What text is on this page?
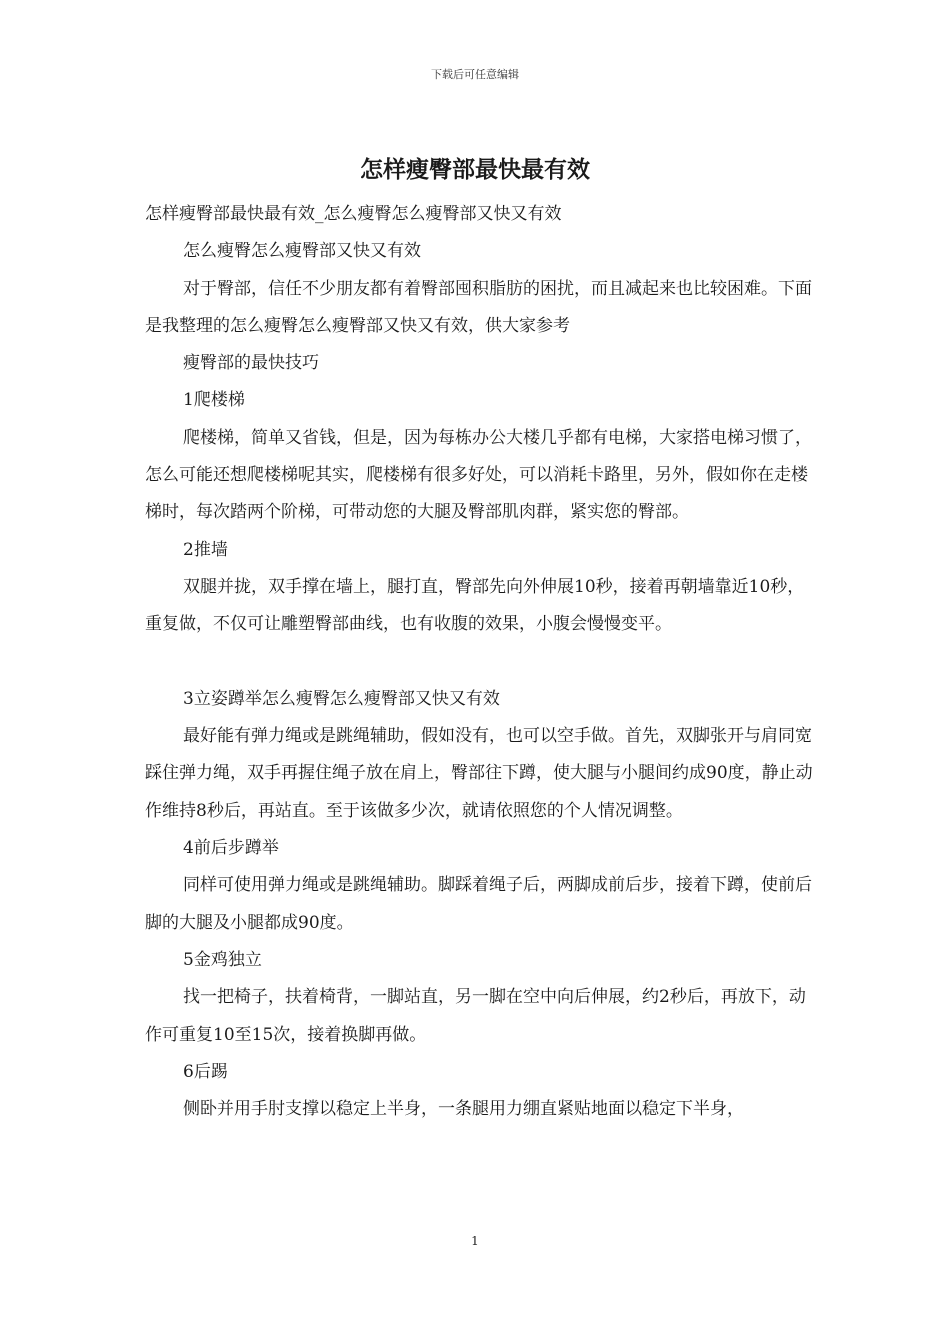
下载后可任意编辑
怎样瘦臀部最快最有效

怎样瘦臀部最快最有效_怎么瘦臀怎么瘦臀部又快又有效

怎么瘦臀怎么瘦臀部又快又有效

对于臀部，信任不少朋友都有着臀部囤积脂肪的困扰，而且减起来也比较困难。下面是我整理的怎么瘦臀怎么瘦臀部又快又有效，供大家参考

瘦臀部的最快技巧

1爬楼梯

爬楼梯，简单又省钱，但是，因为每栋办公大楼几乎都有电梯，大家搭电梯习惯了，怎么可能还想爬楼梯呢其实，爬楼梯有很多好处，可以消耗卡路里，另外，假如你在走楼梯时，每次踏两个阶梯，可带动您的大腿及臀部肌肉群，紧实您的臀部。

2推墙

双腿并拢，双手撑在墙上，腿打直，臀部先向外伸展10秒，接着再朝墙靠近10秒，重复做，不仅可让雕塑臀部曲线，也有收腹的效果，小腹会慢慢变平。

3立姿蹲举怎么瘦臀怎么瘦臀部又快又有效

最好能有弹力绳或是跳绳辅助，假如没有，也可以空手做。首先，双脚张开与肩同宽踩住弹力绳，双手再握住绳子放在肩上，臀部往下蹲，使大腿与小腿间约成90度，静止动作维持8秒后，再站直。至于该做多少次，就请依照您的个人情况调整。

4前后步蹲举

同样可使用弹力绳或是跳绳辅助。脚踩着绳子后，两脚成前后步，接着下蹲，使前后脚的大腿及小腿都成90度。

5金鸡独立

找一把椅子，扶着椅背，一脚站直，另一脚在空中向后伸展，约2秒后，再放下，动作可重复10至15次，接着换脚再做。

6后踢

侧卧并用手肘支撑以稳定上半身，一条腿用力绷直紧贴地面以稳定下半身，

1
